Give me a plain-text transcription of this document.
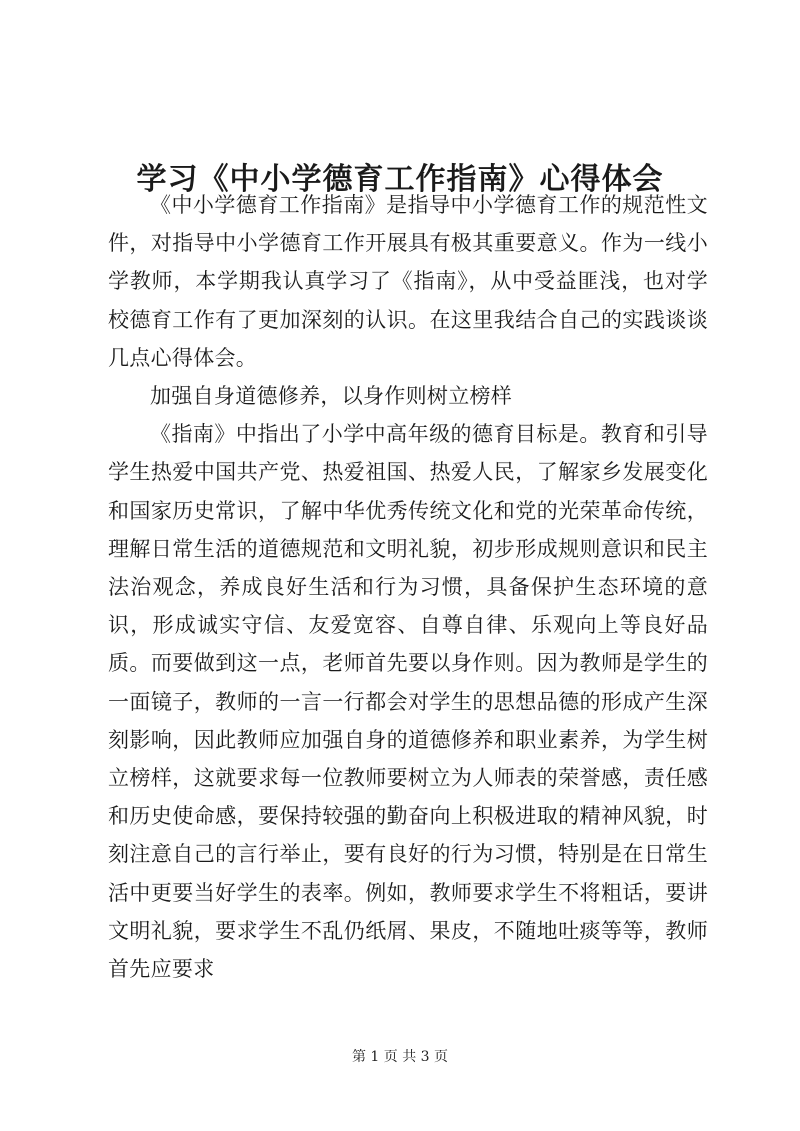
学习《中小学德育工作指南》心得体会

《中小学德育工作指南》是指导中小学德育工作的规范性文件，对指导中小学德育工作开展具有极其重要意义。作为一线小学教师，本学期我认真学习了《指南》，从中受益匪浅，也对学校德育工作有了更加深刻的认识。在这里我结合自己的实践谈谈几点心得体会。

加强自身道德修养，以身作则树立榜样

《指南》中指出了小学中高年级的德育目标是。教育和引导学生热爱中国共产党、热爱祖国、热爱人民，了解家乡发展变化和国家历史常识，了解中华优秀传统文化和党的光荣革命传统，理解日常生活的道德规范和文明礼貌，初步形成规则意识和民主法治观念，养成良好生活和行为习惯，具备保护生态环境的意识，形成诚实守信、友爱宽容、自尊自律、乐观向上等良好品质。而要做到这一点，老师首先要以身作则。因为教师是学生的一面镜子，教师的一言一行都会对学生的思想品德的形成产生深刻影响，因此教师应加强自身的道德修养和职业素养，为学生树立榜样，这就要求每一位教师要树立为人师表的荣誉感，责任感和历史使命感，要保持较强的勤奋向上积极进取的精神风貌，时刻注意自己的言行举止，要有良好的行为习惯，特别是在日常生活中更要当好学生的表率。例如，教师要求学生不将粗话，要讲文明礼貌，要求学生不乱仍纸屑、果皮，不随地吐痰等等，教师首先应要求

第 1 页 共 3 页
